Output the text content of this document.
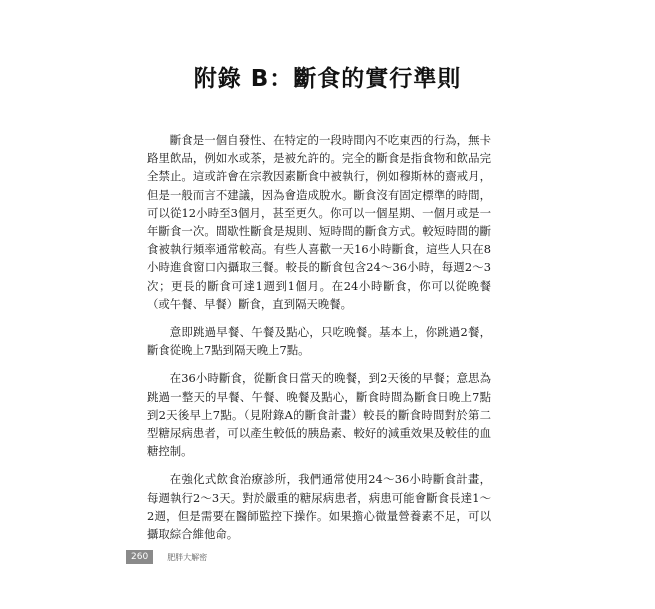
附錄 B：斷食的實行準則

斷食是一個自發性、在特定的一段時間內不吃東西的行為，無卡路里飲品，例如水或茶，是被允許的。完全的斷食是指食物和飲品完全禁止。這或許會在宗教因素斷食中被執行，例如穆斯林的齋戒月，但是一般而言不建議，因為會造成脫水。斷食沒有固定標準的時間，可以從12小時至3個月，甚至更久。你可以一個星期、一個月或是一年斷食一次。間歇性斷食是規則、短時間的斷食方式。較短時間的斷食被執行頻率通常較高。有些人喜歡一天16小時斷食，這些人只在8小時進食窗口內攝取三餐。較長的斷食包含24～36小時，每週2～3次；更長的斷食可達1週到1個月。在24小時斷食，你可以從晚餐（或午餐、早餐）斷食，直到隔天晚餐。

意即跳過早餐、午餐及點心，只吃晚餐。基本上，你跳過2餐，斷食從晚上7點到隔天晚上7點。

在36小時斷食，從斷食日當天的晚餐，到2天後的早餐；意思為跳過一整天的早餐、午餐、晚餐及點心，斷食時間為斷食日晚上7點到2天後早上7點。（見附錄A的斷食計畫）較長的斷食時間對於第二型糖尿病患者，可以產生較低的胰島素、較好的減重效果及較佳的血糖控制。

在強化式飲食治療診所，我們通常使用24～36小時斷食計畫，每週執行2～3天。對於嚴重的糖尿病患者，病患可能會斷食長達1～2週，但是需要在醫師監控下操作。如果擔心微量營養素不足，可以攝取綜合維他命。

260	肥胖大解密
